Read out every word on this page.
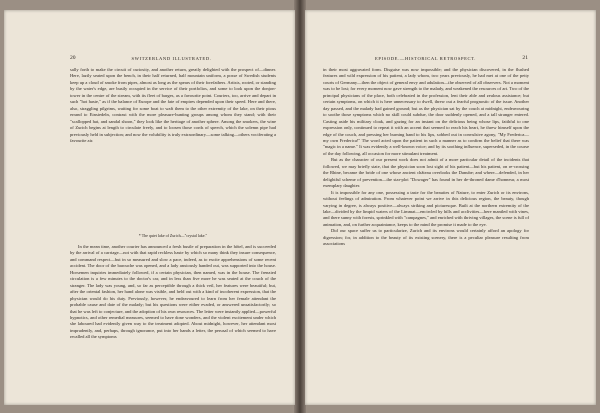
20	SWITZERLAND ILLUSTRATED.

sally forth to make the circuit of curiosity, and another return, greatly delighted with the prospect of—dinner. Here, lazily seated upon the bench, in their half returned, half mountain uniform, a posse of Swedish students keep up a cloud of smoke from pipes, almost as long as the spears of their forefathers. Artists, rooted, or standing by the water's edge, are busily occupied in the service of their portfolios, and some to look upon the donjon-tower in the centre of the stream, with its fleet of barges, as a favourite point. Couriers, too, arrive and depart in such "hot haste," as if the balance of Europe and the fate of empires depended upon their speed. Here and there, also, straggling pilgrims, waiting for some boat to waft them to the other extremity of the lake, on their pious errand to Einsiedeln, contrast with the more pleasure-hunting groups among whom they stand; with their "scallopped hat, and sandal shoon," they look like the heritage of another sphere. Among the smokers, the wine of Zurich begins at length to circulate freely, and to loosen those cords of speech, which the solemn pipe had previously held in subjection; and now the volubility is truly extraordinary—some talking—others vociferating a favourite air.

* The quiet lake of Zurich—"crystal lake."

In the mean time, another courier has announced a fresh bustle of preparation in the hôtel, and is succeeded by the arrival of a carriage—not with that rapid reckless haste by which so many think they insure consequence, and command respect—but in so measured and slow a pace, indeed, as to excite apprehensions of some recent accident. The door of the barouche was opened, and a lady anxiously handed out, was supported into the house. Horsemen inquiries immediately followed, if a certain physician, then named, was in the house. The frenzied circulation is a few minutes to the doctor's car, and in less than five more he was seated at the couch of the stranger. The lady was young, and, so far as perceptible through a thick veil, her features were beautiful; but, after the oriental fashion, her hand alone was visible, and held out with a kind of incoherent expression, that the physician would do his duty. Previously, however, he endeavoured to learn from her female attendant the probable cause and date of the malady; but his questions were either evaded, or answered unsatisfactorily; so that he was left to conjecture, and the adoption of his own resources. The letter were instantly applied—powerful hypnotics, and other remedial measures, seemed to have done wonders, and the violent excitement under which she laboured had evidently given way to the treatment adopted. About midnight, however, her attendant most imprudently, and, perhaps, through ignorance, put into her hands a letter, the perusal of which seemed to have recalled all the symptoms

EPISODE.—HISTORICAL RETROSPECT.	21

in their most aggravated form. Disguise was now impossible; and the physician discovered, in the flushed features and wild expression of his patient, a lady whom, two years previously, he had met at one of the petty courts of Germany—then the object of general envy and adulation—the observed of all observers. Not a moment was to be lost; for every moment now gave strength to the malady, and weakened the resources of art. Two of the principal physicians of the place, both celebrated in the profession, lent their able and zealous assistance; but certain symptoms, on which it is here unnecessary to dwell, threw out a fearful prognostic of the issue. Another day passed, and the malady had gained ground; but as the physician sat by the couch at midnight, endeavouring to soothe those symptoms which no skill could subdue, the door suddenly opened, and a tall stranger entered. Casting aside his military cloak, and gazing for an instant on the delirious being whose lips, faithful to one expression only, continued to repeat it with an accent that seemed to reach his heart, he threw himself upon the edge of the couch, and pressing her burning hand to his lips, sobbed out in convulsive agony, "My Frederica—my own Frederica!" The word acted upon the patient in such a manner as to confirm the belief that there was "magic in a name." It was evidently a well-known voice; and by its soothing influence, superseded, in the course of the day following, all occasion for more stimulant treatment.

But as the character of our present work does not admit of a more particular detail of the incidents that followed, we may briefly state, that the physician soon lost sight of his patient—but his patient, on re-crossing the Rhine, became the bride of one whose ancient château overlooks the Danube; and where—defended, in her delightful scheme of prevention—the star-plot "Dowager" has found in her de-throned dame d'honneur, a most exemplary daughter.

It is impossible for any one, possessing a taste for the beauties of Nature, to enter Zurich or its environs, without feelings of admiration. From whatever point we arrive in this delicious region, the beauty, though varying in degree, is always positive—always striking and picturesque. Built at the northern extremity of the lake—divided by the limpid waters of the Limmat—encircled by hills and acclivities—here mantled with vines, and there sunny with forests, sprinkled with "campagnes," and enriched with thriving villages, the scene is full of animation, and, on further acquaintance, keeps to the mind the promise it made to the eye.

Did our space suffer us to particularize, Zurich and its environs would certainly afford an apology for digression; for, in addition to the beauty of its existing scenery, there is a peculiar pleasure resulting from associations
